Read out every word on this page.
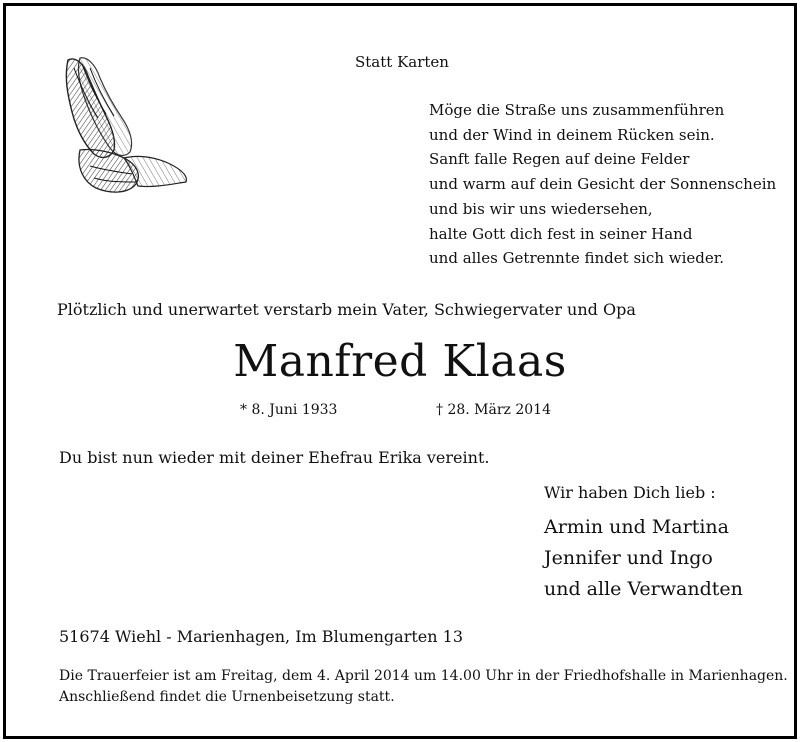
Statt Karten
Möge die Straße uns zusammenführen
und der Wind in deinem Rücken sein.
Sanft falle Regen auf deine Felder
und warm auf dein Gesicht der Sonnenschein
und bis wir uns wiedersehen,
halte Gott dich fest in seiner Hand
und alles Getrennte findet sich wieder.
Plötzlich und unerwartet verstarb mein Vater, Schwiegervater und Opa
Manfred Klaas
* 8. Juni 1933	† 28. März 2014
Du bist nun wieder mit deiner Ehefrau Erika vereint.
Wir haben Dich lieb :
Armin und Martina
Jennifer und Ingo
und alle Verwandten
51674 Wiehl - Marienhagen, Im Blumengarten 13
Die Trauerfeier ist am Freitag, dem 4. April 2014 um 14.00 Uhr in der Friedhofshalle in Marienhagen.
Anschließend findet die Urnenbeisetzung statt.
